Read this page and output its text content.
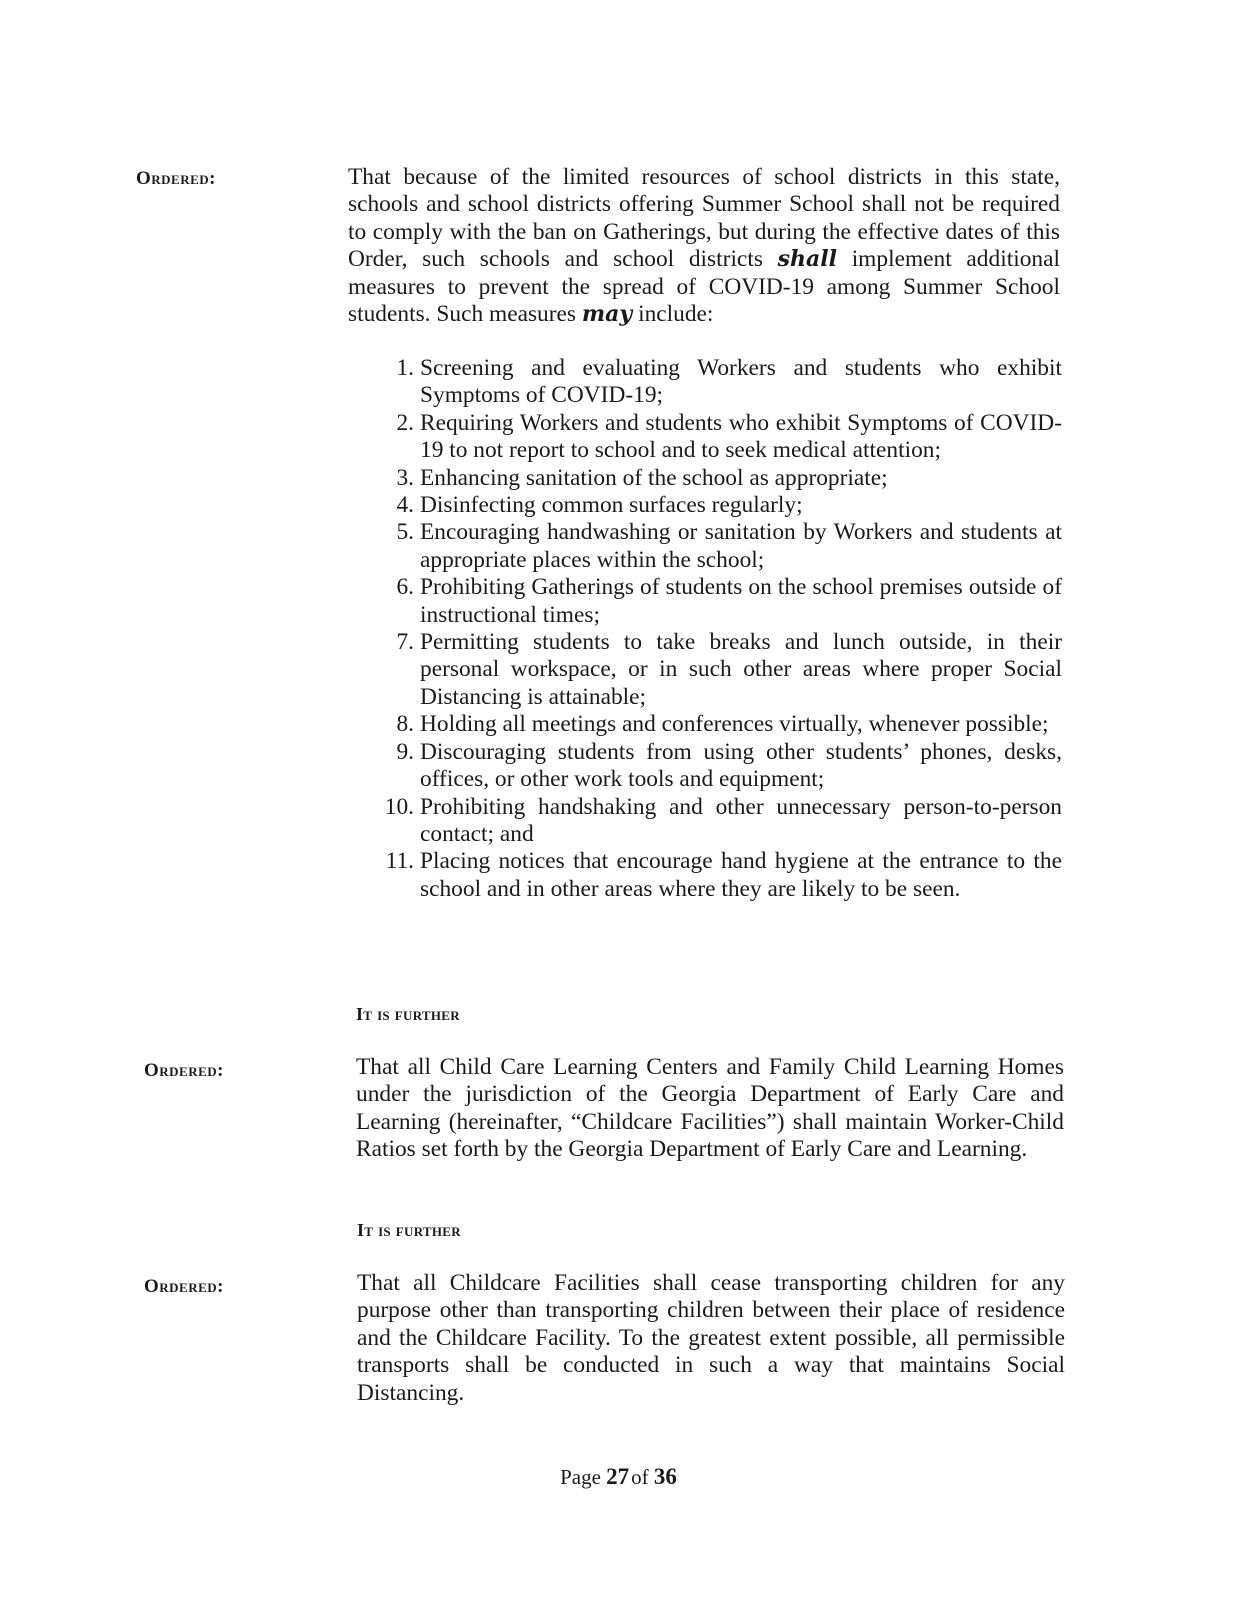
Ordered:	That because of the limited resources of school districts in this state, schools and school districts offering Summer School shall not be required to comply with the ban on Gatherings, but during the effective dates of this Order, such schools and school districts shall implement additional measures to prevent the spread of COVID-19 among Summer School students. Such measures may include:

1. Screening and evaluating Workers and students who exhibit Symptoms of COVID-19;
2. Requiring Workers and students who exhibit Symptoms of COVID-19 to not report to school and to seek medical attention;
3. Enhancing sanitation of the school as appropriate;
4. Disinfecting common surfaces regularly;
5. Encouraging handwashing or sanitation by Workers and students at appropriate places within the school;
6. Prohibiting Gatherings of students on the school premises outside of instructional times;
7. Permitting students to take breaks and lunch outside, in their personal workspace, or in such other areas where proper Social Distancing is attainable;
8. Holding all meetings and conferences virtually, whenever possible;
9. Discouraging students from using other students’ phones, desks, offices, or other work tools and equipment;
10. Prohibiting handshaking and other unnecessary person-to-person contact; and
11. Placing notices that encourage hand hygiene at the entrance to the school and in other areas where they are likely to be seen.
It is further
Ordered:	That all Child Care Learning Centers and Family Child Learning Homes under the jurisdiction of the Georgia Department of Early Care and Learning (hereinafter, “Childcare Facilities”) shall maintain Worker-Child Ratios set forth by the Georgia Department of Early Care and Learning.
It is further
Ordered:	That all Childcare Facilities shall cease transporting children for any purpose other than transporting children between their place of residence and the Childcare Facility. To the greatest extent possible, all permissible transports shall be conducted in such a way that maintains Social Distancing.
Page 27of 36
